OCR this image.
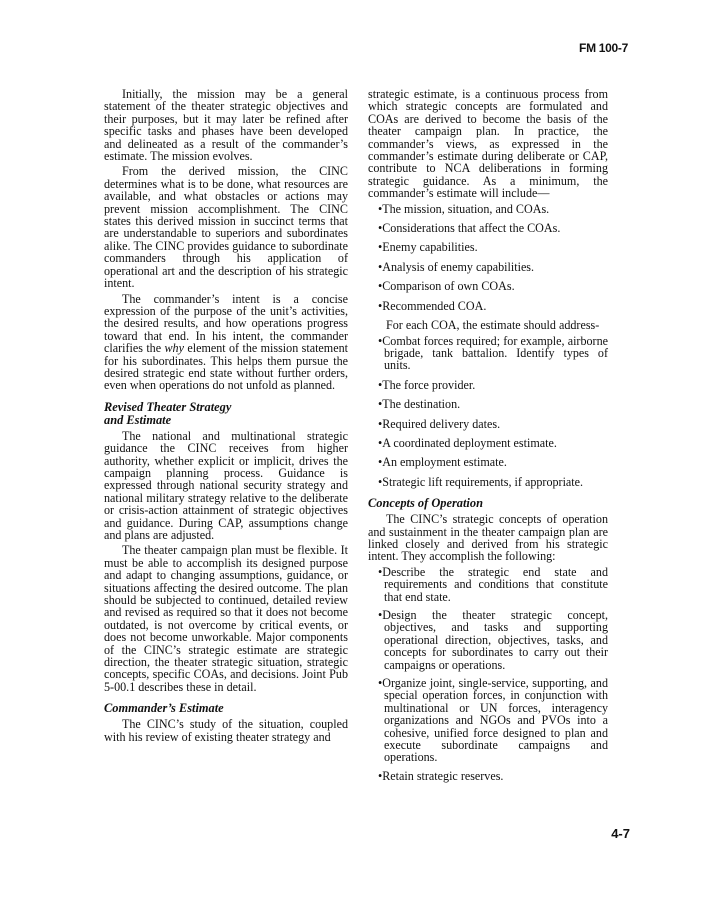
FM 100-7

Initially, the mission may be a general statement of the theater strategic objectives and their purposes, but it may later be refined after specific tasks and phases have been developed and delineated as a result of the commander’s estimate. The mission evolves.

From the derived mission, the CINC determines what is to be done, what resources are available, and what obstacles or actions may prevent mission accomplishment. The CINC states this derived mission in succinct terms that are understandable to superiors and subordinates alike. The CINC provides guidance to subordinate commanders through his application of operational art and the description of his strategic intent.

The commander’s intent is a concise expression of the purpose of the unit’s activities, the desired results, and how operations progress toward that end. In his intent, the commander clarifies the why element of the mission statement for his subordinates. This helps them pursue the desired strategic end state without further orders, even when operations do not unfold as planned.

Revised Theater Strategy
and Estimate

The national and multinational strategic guidance the CINC receives from higher authority, whether explicit or implicit, drives the campaign planning process. Guidance is expressed through national security strategy and national military strategy relative to the deliberate or crisis-action attainment of strategic objectives and guidance. During CAP, assumptions change and plans are adjusted.

The theater campaign plan must be flexible. It must be able to accomplish its designed purpose and adapt to changing assumptions, guidance, or situations affecting the desired outcome. The plan should be subjected to continued, detailed review and revised as required so that it does not become outdated, is not overcome by critical events, or does not become unworkable. Major components of the CINC’s strategic estimate are strategic direction, the theater strategic situation, strategic concepts, specific COAs, and decisions. Joint Pub 5-00.1 describes these in detail.

Commander’s Estimate

The CINC’s study of the situation, coupled with his review of existing theater strategy and

strategic estimate, is a continuous process from which strategic concepts are formulated and COAs are derived to become the basis of the theater campaign plan. In practice, the commander’s views, as expressed in the commander’s estimate during deliberate or CAP, contribute to NCA deliberations in forming strategic guidance. As a minimum, the commander’s estimate will include—

•The mission, situation, and COAs.
•Considerations that affect the COAs.
•Enemy capabilities.
•Analysis of enemy capabilities.
•Comparison of own COAs.
•Recommended COA.

For each COA, the estimate should address-

•Combat forces required; for example, airborne brigade, tank battalion. Identify types of units.
•The force provider.
•The destination.
•Required delivery dates.
•A coordinated deployment estimate.
•An employment estimate.
•Strategic lift requirements, if appropriate.
Concepts of Operation

The CINC’s strategic concepts of operation and sustainment in the theater campaign plan are linked closely and derived from his strategic intent. They accomplish the following:

•Describe the strategic end state and requirements and conditions that constitute that end state.
•Design the theater strategic concept, objectives, and tasks and supporting operational direction, objectives, tasks, and concepts for subordinates to carry out their campaigns or operations.
•Organize joint, single-service, supporting, and special operation forces, in conjunction with multinational or UN forces, interagency organizations and NGOs and PVOs into a cohesive, unified force designed to plan and execute subordinate campaigns and operations.
•Retain strategic reserves.
4-7
